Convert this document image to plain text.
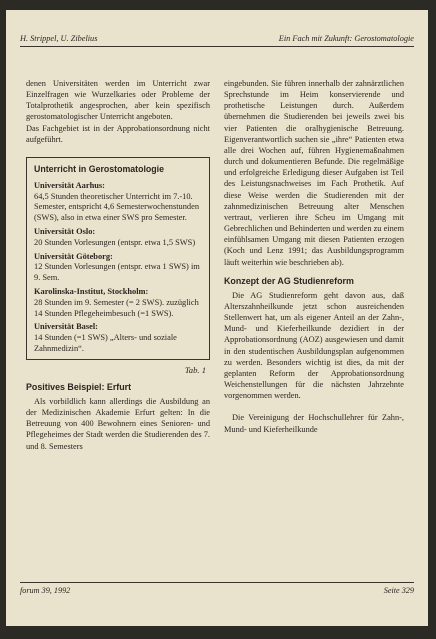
H. Strippel, U. Zibelius	Ein Fach mit Zukunft: Gerostomatologie

denen Universitäten werden im Unterricht zwar Einzelfragen wie Wurzelkaries oder Probleme der Totalprothetik angesprochen, aber kein spezifisch gerostomatologischer Unterricht angeboten.

Das Fachgebiet ist in der Approbationsordnung nicht aufgeführt.

Unterricht in Gerostomatologie
Universität Aarhus:
64,5 Stunden theoretischer Unterricht im 7.-10. Semester, entspricht 4,6 Semesterwochenstunden (SWS), also in etwa einer SWS pro Semester.
Universität Oslo:
20 Stunden Vorlesungen (entspr. etwa 1,5 SWS)
Universität Göteborg:
12 Stunden Vorlesungen (entspr. etwa 1 SWS) im 9. Sem.
Karolinska-Institut, Stockholm:
28 Stunden im 9. Semester (= 2 SWS). zuzüglich 14 Stunden Pflegeheimbesuch (=1 SWS).
Universität Basel:
14 Stunden (=1 SWS) „Alters- und soziale Zahnmedizin“.
Tab. 1
Positives Beispiel: Erfurt

Als vorbildlich kann allerdings die Ausbildung an der Medizinischen Akademie Erfurt gelten: In die Betreuung von 400 Bewohnern eines Senioren- und Pflegeheimes der Stadt werden die Studierenden des 7. und 8. Semesters

eingebunden. Sie führen innerhalb der zahnärztlichen Sprechstunde im Heim konservierende und prothetische Leistungen durch. Außerdem übernehmen die Studierenden bei jeweils zwei bis vier Patienten die oralhygienische Betreuung. Eigenverantwortlich suchen sie „ihre“ Patienten etwa alle drei Wochen auf, führen Hygienemaßnahmen durch und dokumentieren Befunde. Die regelmäßige und erfolgreiche Erledigung dieser Aufgaben ist Teil des Leistungsnachweises im Fach Prothetik. Auf diese Weise werden die Studierenden mit der zahnmedizinischen Betreuung alter Menschen vertraut, verlieren ihre Scheu im Umgang mit Gebrechlichen und Behinderten und werden zu einem einfühlsamen Umgang mit diesen Patienten erzogen (Koch und Lenz 1991; das Ausbildungsprogramm läuft weiterhin wie beschrieben ab).

Konzept der AG Studienreform

Die AG Studienreform geht davon aus, daß Alterszahnheilkunde jetzt schon ausreichenden Stellenwert hat, um als eigener Anteil an der Zahn-, Mund- und Kieferheilkunde dezidiert in der Approbationsordnung (AOZ) ausgewiesen und damit in den studentischen Ausbildungsplan aufgenommen zu werden. Besonders wichtig ist dies, da mit der geplanten Reform der Approbationsordnung Weichenstellungen für die nächsten Jahrzehnte vorgenommen werden.

Die Vereinigung der Hochschullehrer für Zahn-, Mund- und Kieferheilkunde

forum 39, 1992	Seite 329
